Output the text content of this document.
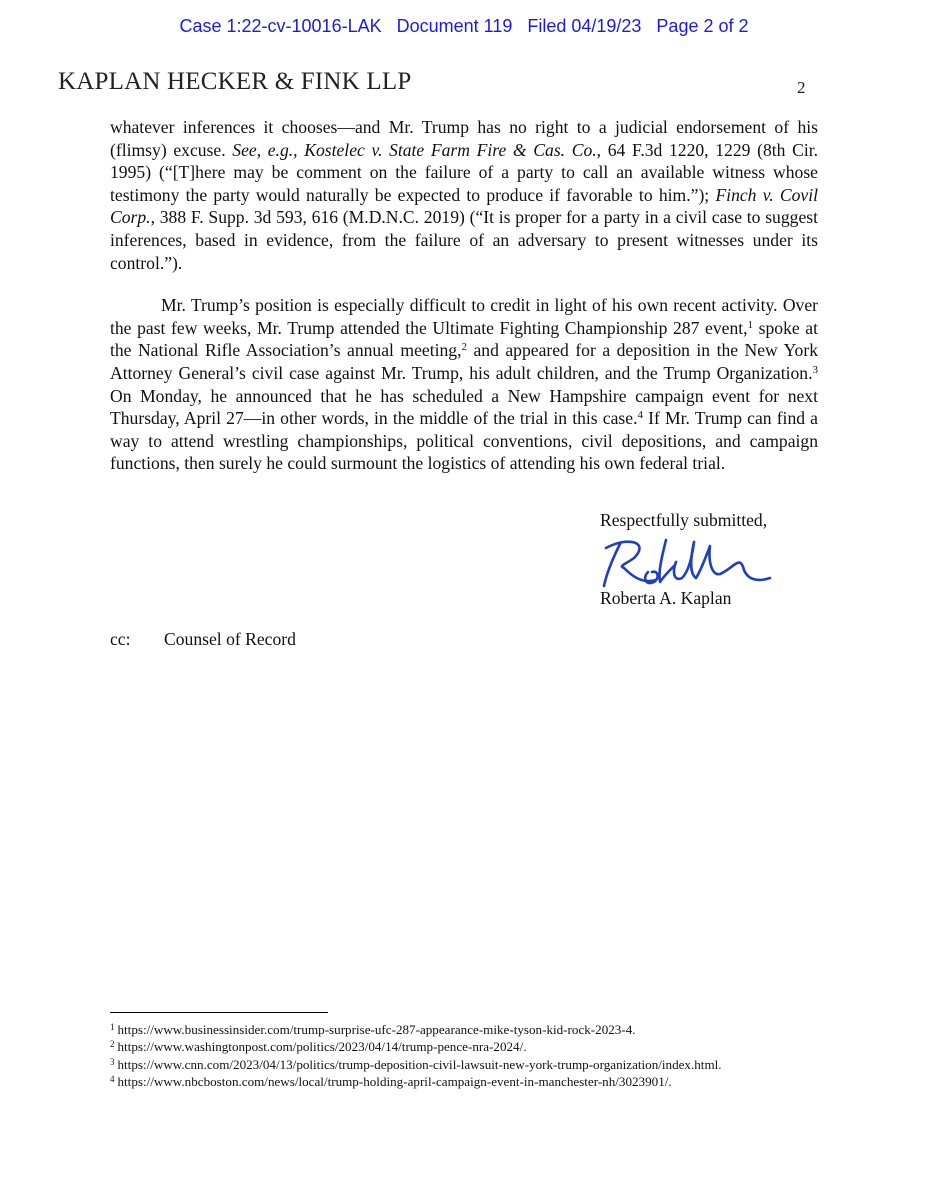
Case 1:22-cv-10016-LAK   Document 119   Filed 04/19/23   Page 2 of 2
KAPLAN HECKER & FINK LLP	2

whatever inferences it chooses—and Mr. Trump has no right to a judicial endorsement of his (flimsy) excuse. See, e.g., Kostelec v. State Farm Fire & Cas. Co., 64 F.3d 1220, 1229 (8th Cir. 1995) (“[T]here may be comment on the failure of a party to call an available witness whose testimony the party would naturally be expected to produce if favorable to him.”); Finch v. Covil Corp., 388 F. Supp. 3d 593, 616 (M.D.N.C. 2019) (“It is proper for a party in a civil case to suggest inferences, based in evidence, from the failure of an adversary to present witnesses under its control.”).

Mr. Trump’s position is especially difficult to credit in light of his own recent activity. Over the past few weeks, Mr. Trump attended the Ultimate Fighting Championship 287 event,$^1$ spoke at the National Rifle Association’s annual meeting,$^2$ and appeared for a deposition in the New York Attorney General’s civil case against Mr. Trump, his adult children, and the Trump Organization.$^3$ On Monday, he announced that he has scheduled a New Hampshire campaign event for next Thursday, April 27—in other words, in the middle of the trial in this case.$^4$ If Mr. Trump can find a way to attend wrestling championships, political conventions, civil depositions, and campaign functions, then surely he could surmount the logistics of attending his own federal trial.

Respectfully submitted,
Roberta A. Kaplan
cc: Counsel of Record
$^1$ https://www.businessinsider.com/trump-surprise-ufc-287-appearance-mike-tyson-kid-rock-2023-4.
$^2$ https://www.washingtonpost.com/politics/2023/04/14/trump-pence-nra-2024/.
$^3$ https://www.cnn.com/2023/04/13/politics/trump-deposition-civil-lawsuit-new-york-trump-organization/index.html.
$^4$ https://www.nbcboston.com/news/local/trump-holding-april-campaign-event-in-manchester-nh/3023901/.
